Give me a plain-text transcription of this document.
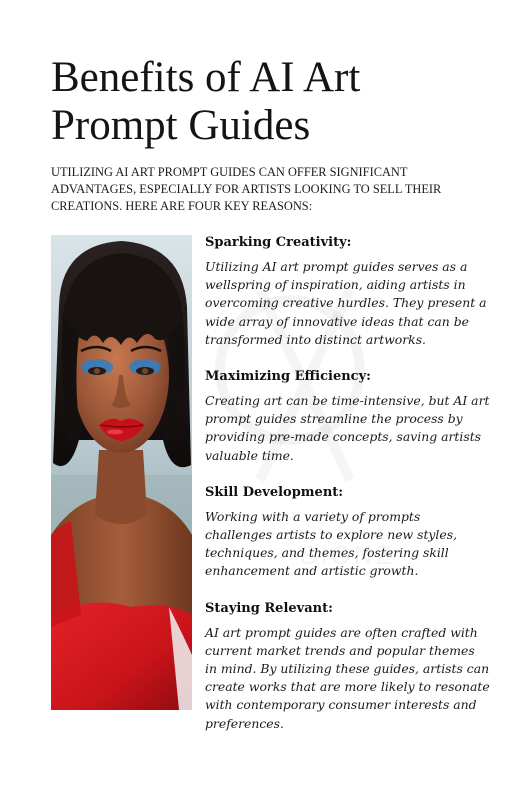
Benefits of AI Art Prompt Guides

UTILIZING AI ART PROMPT GUIDES CAN OFFER SIGNIFICANT ADVANTAGES, ESPECIALLY FOR ARTISTS LOOKING TO SELL THEIR CREATIONS. HERE ARE FOUR KEY REASONS:

Sparking Creativity:

Utilizing AI art prompt guides serves as a wellspring of inspiration, aiding artists in overcoming creative hurdles. They present a wide array of innovative ideas that can be transformed into distinct artworks.

Maximizing Efficiency:

Creating art can be time-intensive, but AI art prompt guides streamline the process by providing pre-made concepts, saving artists valuable time.

Skill Development:

Working with a variety of prompts challenges artists to explore new styles, techniques, and themes, fostering skill enhancement and artistic growth.

Staying Relevant:

AI art prompt guides are often crafted with current market trends and popular themes in mind. By utilizing these guides, artists can create works that are more likely to resonate with contemporary consumer interests and preferences.
